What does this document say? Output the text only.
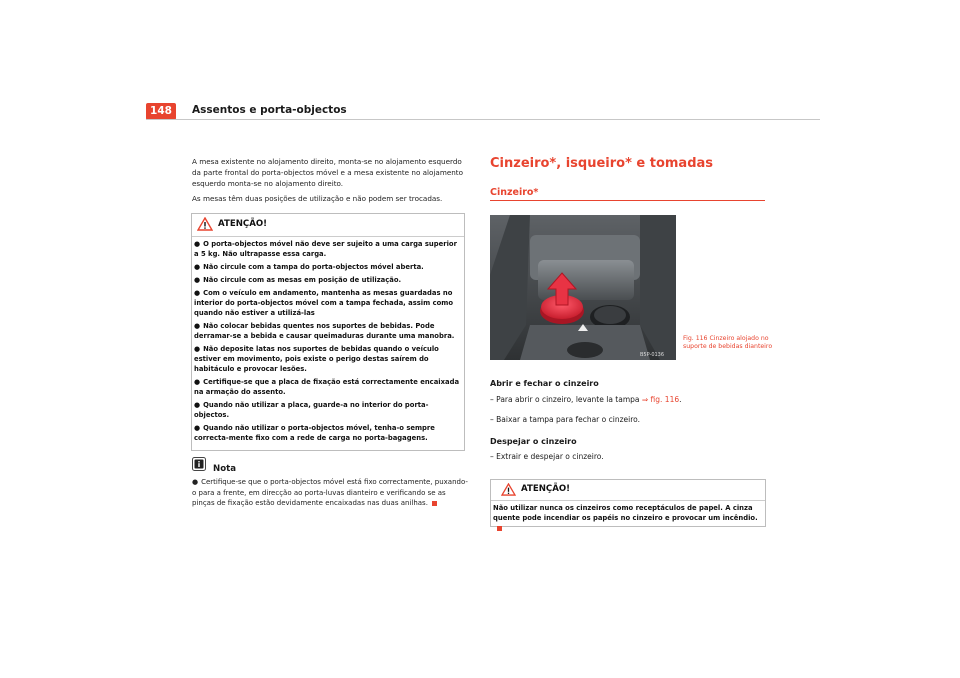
148	Assentos e porta-objectos
A mesa existente no alojamento direito, monta-se no alojamento esquerdo da parte frontal do porta-objectos móvel e a mesa existente no alojamento esquerdo monta-se no alojamento direito.
As mesas têm duas posições de utilização e não podem ser trocadas.
ATENÇÃO!

● O porta-objectos móvel não deve ser sujeito a uma carga superior a 5 kg. Não ultrapasse essa carga.

● Não circule com a tampa do porta-objectos móvel aberta.

● Não circule com as mesas em posição de utilização.

● Com o veículo em andamento, mantenha as mesas guardadas no interior do porta-objectos móvel com a tampa fechada, assim como quando não estiver a utilizá-las

● Não colocar bebidas quentes nos suportes de bebidas. Pode derramar-se a bebida e causar queimaduras durante uma manobra.

● Não deposite latas nos suportes de bebidas quando o veículo estiver em movimento, pois existe o perigo destas saírem do habitáculo e provocar lesões.

● Certifique-se que a placa de fixação está correctamente encaixada na armação do assento.

● Quando não utilizar a placa, guarde-a no interior do porta-objectos.

● Quando não utilizar o porta-objectos móvel, tenha-o sempre correcta-mente fixo com a rede de carga no porta-bagagens.

Nota
● Certifique-se que o porta-objectos móvel está fixo correctamente, puxando-o para a frente, em direcção ao porta-luvas dianteiro e verificando se as pinças de fixação estão devidamente encaixadas nas duas anilhas.
Cinzeiro*, isqueiro* e tomadas
Cinzeiro*
B5P-0136
Fig. 116 Cinzeiro alojado no suporte de bebidas dianteiro
Abrir e fechar o cinzeiro
– Para abrir o cinzeiro, levante la tampa ⇒ fig. 116.
– Baixar a tampa para fechar o cinzeiro.
Despejar o cinzeiro
– Extrair e despejar o cinzeiro.
ATENÇÃO!
Não utilizar nunca os cinzeiros como receptáculos de papel. A cinza quente pode incendiar os papéis no cinzeiro e provocar um incêndio.
